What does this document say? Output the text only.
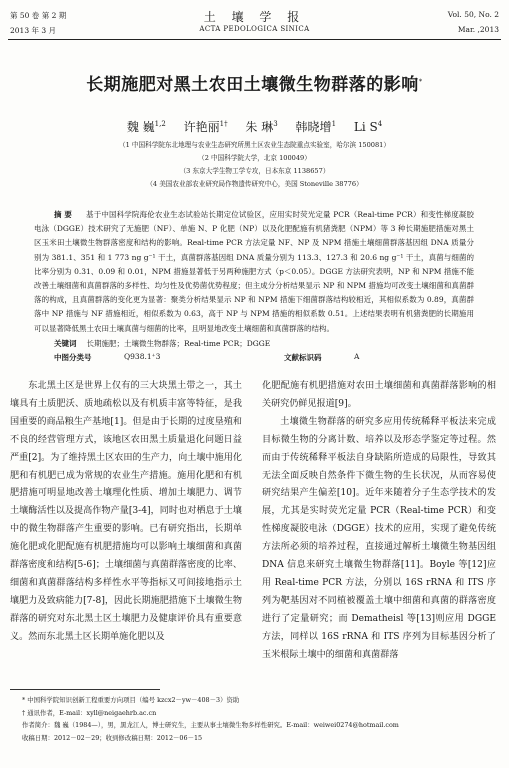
第 50 卷 第 2 期
2013 年 3 月
土 壤 学 报
ACTA PEDOLOGICA SINICA
Vol. 50, No. 2
Mar. ,2013
长期施肥对黑土农田土壤微生物群落的影响*
魏 巍$^{1,2}$ 许艳丽$^{1\dagger}$ 朱 琳$^3$ 韩晓增$^1$ Li $S^4$
（1 中国科学院东北地理与农业生态研究所黑土区农业生态院重点实验室，哈尔滨 150081）
（2 中国科学院大学，北京 100049）
（3 东京大学生物工学专攻，日本东京 1138657）
（4 美国农业部农业研究局作物遗传研究中心，美国 Stoneville 38776）
摘 要 基于中国科学院海伦农业生态试验站长期定位试验区，应用实时荧光定量 PCR（Real-time PCR）和变性梯度凝胶电泳（DGGE）技术研究了无施肥（NF）、单施 N、P 化肥（NP）以及化肥配施有机猪粪肥（NPM）等 3 种长期施肥措施对黑土区玉米田土壤微生物群落密度和结构的影响。Real-time PCR 方法定量 NF、NP 及 NPM 措施土壤细菌群落基因组 DNA 质量分别为 381.1、351 和 1 773 ng g⁻¹ 干土，真菌群落基因组 DNA 质量分别为 113.3、127.3 和 20.6 ng g⁻¹ 干土，真菌与细菌的比率分别为 0.31、0.09 和 0.01，NPM 措施显著低于另两种施肥方式（p＜0.05）。DGGE 方法研究表明，NP 和 NPM 措施不能改善土壤细菌和真菌群落的多样性、均匀性及优势菌优势程度；但主成分分析结果显示 NP 和 NPM 措施均可改变土壤细菌和真菌群落的构成，且真菌群落的变化更为显著：聚类分析结果显示 NP 和 NPM 措施下细菌群落结构较相近，其相似系数为 0.89，真菌群落中 NP 措施与 NF 措施相近，相似系数为 0.63，高于 NP 与 NPM 措施的相似系数 0.51。上述结果表明有机猪粪肥的长期施用可以显著降低黑土农田土壤真菌与细菌的比率，且明显地改变土壤细菌和真菌群落的结构。
关键词 长期施肥；土壤微生物群落；Real-time PCR；DGGE
中图分类号	Q938.1⁺3	文献标识码	A

东北黑土区是世界上仅有的三大块黑土带之一，其土壤具有土质肥沃、质地疏松以及有机质丰富等特征，是我国重要的商品粮生产基地[1]。但是由于长期的过度垦殖和不良的经营管理方式，该地区农田黑土质量退化问题日益严重[2]。为了维持黑土区农田的生产力，向土壤中施用化肥和有机肥已成为常规的农业生产措施。施用化肥和有机肥措施可明显地改善土壤理化性质、增加土壤肥力、调节土壤酶活性以及提高作物产量[3-4]，同时也对栖息于土壤中的微生物群落产生重要的影响。已有研究指出，长期单施化肥或化肥配施有机肥措施均可以影响土壤细菌和真菌群落密度和结构[5-6]；土壤细菌与真菌群落密度的比率、细菌和真菌群落结构多样性水平等指标又可间接地指示土壤肥力及致病能力[7-8]，因此长期施肥措施下土壤微生物群落的研究对东北黑土区土壤肥力及健康评价具有重要意义。然而东北黑土区长期单施化肥以及

化肥配施有机肥措施对农田土壤细菌和真菌群落影响的相关研究仍鲜见报道[9]。

土壤微生物群落的研究多应用传统稀释平板法来完成目标微生物的分离计数、培养以及形态学鉴定等过程。然而由于传统稀释平板法自身缺陷所造成的局限性，导致其无法全面反映自然条件下微生物的生长状况，从而容易使研究结果产生偏差[10]。近年来随着分子生态学技术的发展，尤其是实时荧光定量 PCR（Real-time PCR）和变性梯度凝胶电泳（DGGE）技术的应用，实现了避免传统方法所必须的培养过程，直接通过解析土壤微生物基因组 DNA 信息来研究土壤微生物群落[11]。Boyle 等[12]应用 Real-time PCR 方法，分别以 16S rRNA 和 ITS 序列为靶基因对不同植被覆盖土壤中细菌和真菌的群落密度进行了定量研究；而 Dematheisl 等[13]则应用 DGGE 方法，同样以 16S rRNA 和 ITS 序列为目标基因分析了玉米根际土壤中的细菌和真菌群落

* 中国科学院知识创新工程重要方向项目（编号 kzcx2－yw－408－3）资助
† 通讯作者，E-mail：xyll@neigaehrb.ac.cn
作者简介：魏 巍（1984—），男，黑龙江人，博士研究生，主要从事土壤微生物多样性研究。E-mail：weiwei0274@hotmail.com
收稿日期：2012－02－29；收到修改稿日期：2012－06－15
